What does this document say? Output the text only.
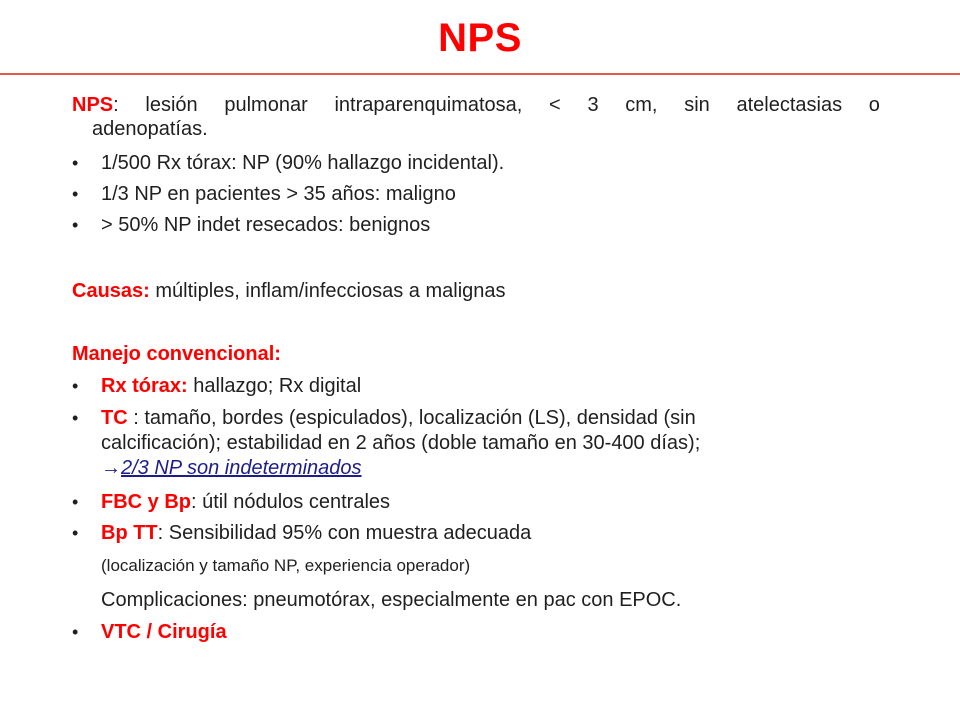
NPS
NPS: lesión pulmonar intraparenquimatosa, < 3 cm, sin atelectasias o
adenopatías.
•	1/500 Rx tórax: NP (90% hallazgo incidental).
•	1/3 NP en pacientes > 35 años: maligno
•	> 50% NP indet resecados: benignos
Causas: múltiples, inflam/infecciosas a malignas
Manejo convencional:
•	Rx tórax: hallazgo; Rx digital
•	TC : tamaño, bordes (espiculados), localización (LS), densidad (sin
calcificación); estabilidad en 2 años (doble tamaño en 30-400 días);
→2/3 NP son indeterminados
•	FBC y Bp: útil nódulos centrales
•	Bp TT: Sensibilidad 95% con muestra adecuada
(localización y tamaño NP, experiencia operador)
Complicaciones: pneumotórax, especialmente en pac con EPOC.
•	VTC / Cirugía
